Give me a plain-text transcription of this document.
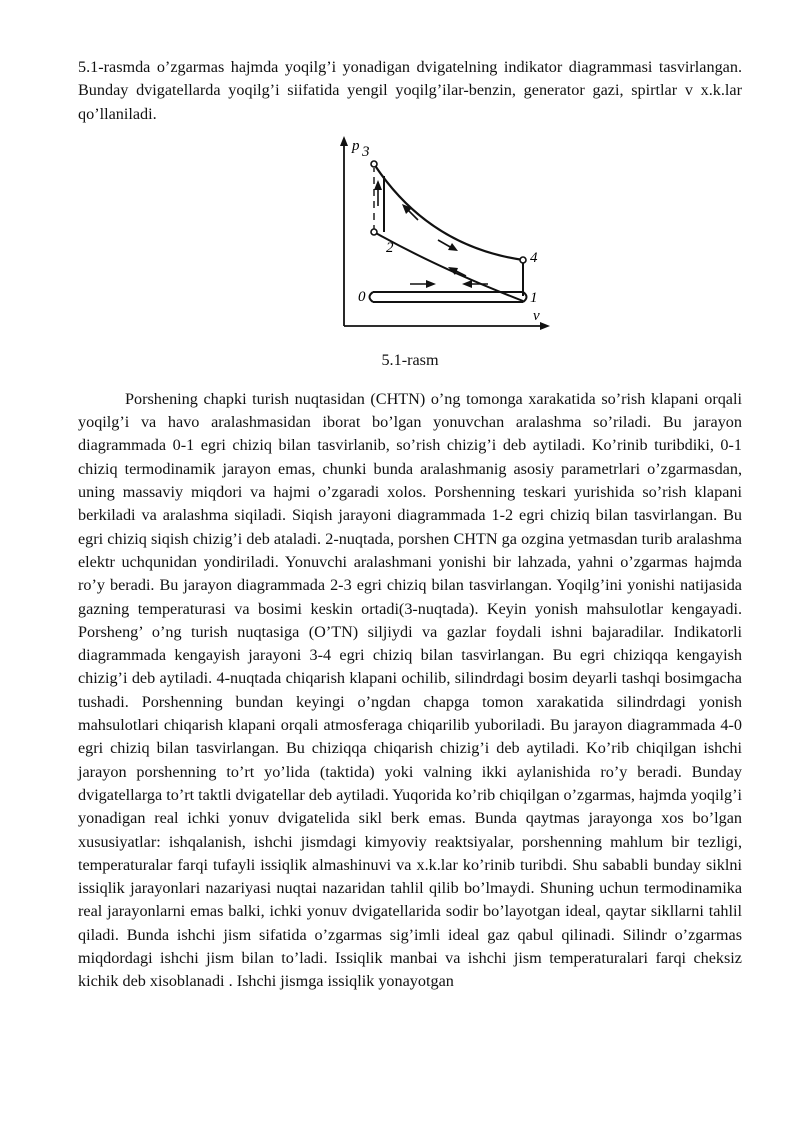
5.1-rasmda o’zgarmas hajmda yoqilg’i yonadigan dvigatelning indikator diagrammasi tasvirlangan. Bunday dvigatellarda yoqilg’i siifatida yengil yoqilg’ilar-benzin, generator gazi, spirtlar v x.k.lar qo’llaniladi.

p
v
3
2
0
4
1
5.1-rasm

Porshening chapki turish nuqtasidan (CHTN) o’ng tomonga xarakatida so’rish klapani orqali yoqilg’i va havo aralashmasidan iborat bo’lgan yonuvchan aralashma so’riladi. Bu jarayon diagrammada 0-1 egri chiziq bilan tasvirlanib, so’rish chizig’i deb aytiladi. Ko’rinib turibdiki, 0-1 chiziq termodinamik jarayon emas, chunki bunda aralashmanig asosiy parametrlari o’zgarmasdan, uning massaviy miqdori va hajmi o’zgaradi xolos. Porshenning teskari yurishida so’rish klapani berkiladi va aralashma siqiladi. Siqish jarayoni diagrammada 1-2 egri chiziq bilan tasvirlangan. Bu egri chiziq siqish chizig’i deb ataladi. 2-nuqtada, porshen CHTN ga ozgina yetmasdan turib aralashma elektr uchqunidan yondiriladi. Yonuvchi aralashmani yonishi bir lahzada, yahni o’zgarmas hajmda ro’y beradi. Bu jarayon diagrammada 2-3 egri chiziq bilan tasvirlangan. Yoqilg’ini yonishi natijasida gazning temperaturasi va bosimi keskin ortadi(3-nuqtada). Keyin yonish mahsulotlar kengayadi. Porsheng’ o’ng turish nuqtasiga (O’TN) siljiydi va gazlar foydali ishni bajaradilar. Indikatorli diagrammada kengayish jarayoni 3-4 egri chiziq bilan tasvirlangan. Bu egri chiziqqa kengayish chizig’i deb aytiladi. 4-nuqtada chiqarish klapani ochilib, silindrdagi bosim deyarli tashqi bosimgacha tushadi. Porshenning bundan keyingi o’ngdan chapga tomon xarakatida silindrdagi yonish mahsulotlari chiqarish klapani orqali atmosferaga chiqarilib yuboriladi. Bu jarayon diagrammada 4-0 egri chiziq bilan tasvirlangan. Bu chiziqqa chiqarish chizig’i deb aytiladi. Ko’rib chiqilgan ishchi jarayon porshenning to’rt yo’lida (taktida) yoki valning ikki aylanishida ro’y beradi. Bunday dvigatellarga to’rt taktli dvigatellar deb aytiladi. Yuqorida ko’rib chiqilgan o’zgarmas, hajmda yoqilg’i yonadigan real ichki yonuv dvigatelida sikl berk emas. Bunda qaytmas jarayonga xos bo’lgan xususiyatlar: ishqalanish, ishchi jismdagi kimyoviy reaktsiyalar, porshenning mahlum bir tezligi, temperaturalar farqi tufayli issiqlik almashinuvi va x.k.lar ko’rinib turibdi. Shu sababli bunday siklni issiqlik jarayonlari nazariyasi nuqtai nazaridan tahlil qilib bo’lmaydi. Shuning uchun termodinamika real jarayonlarni emas balki, ichki yonuv dvigatellarida sodir bo’layotgan ideal, qaytar sikllarni tahlil qiladi. Bunda ishchi jism sifatida o’zgarmas sig’imli ideal gaz qabul qilinadi. Silindr o’zgarmas miqdordagi ishchi jism bilan to’ladi. Issiqlik manbai va ishchi jism temperaturalari farqi cheksiz kichik deb xisoblanadi . Ishchi jismga issiqlik yonayotgan
